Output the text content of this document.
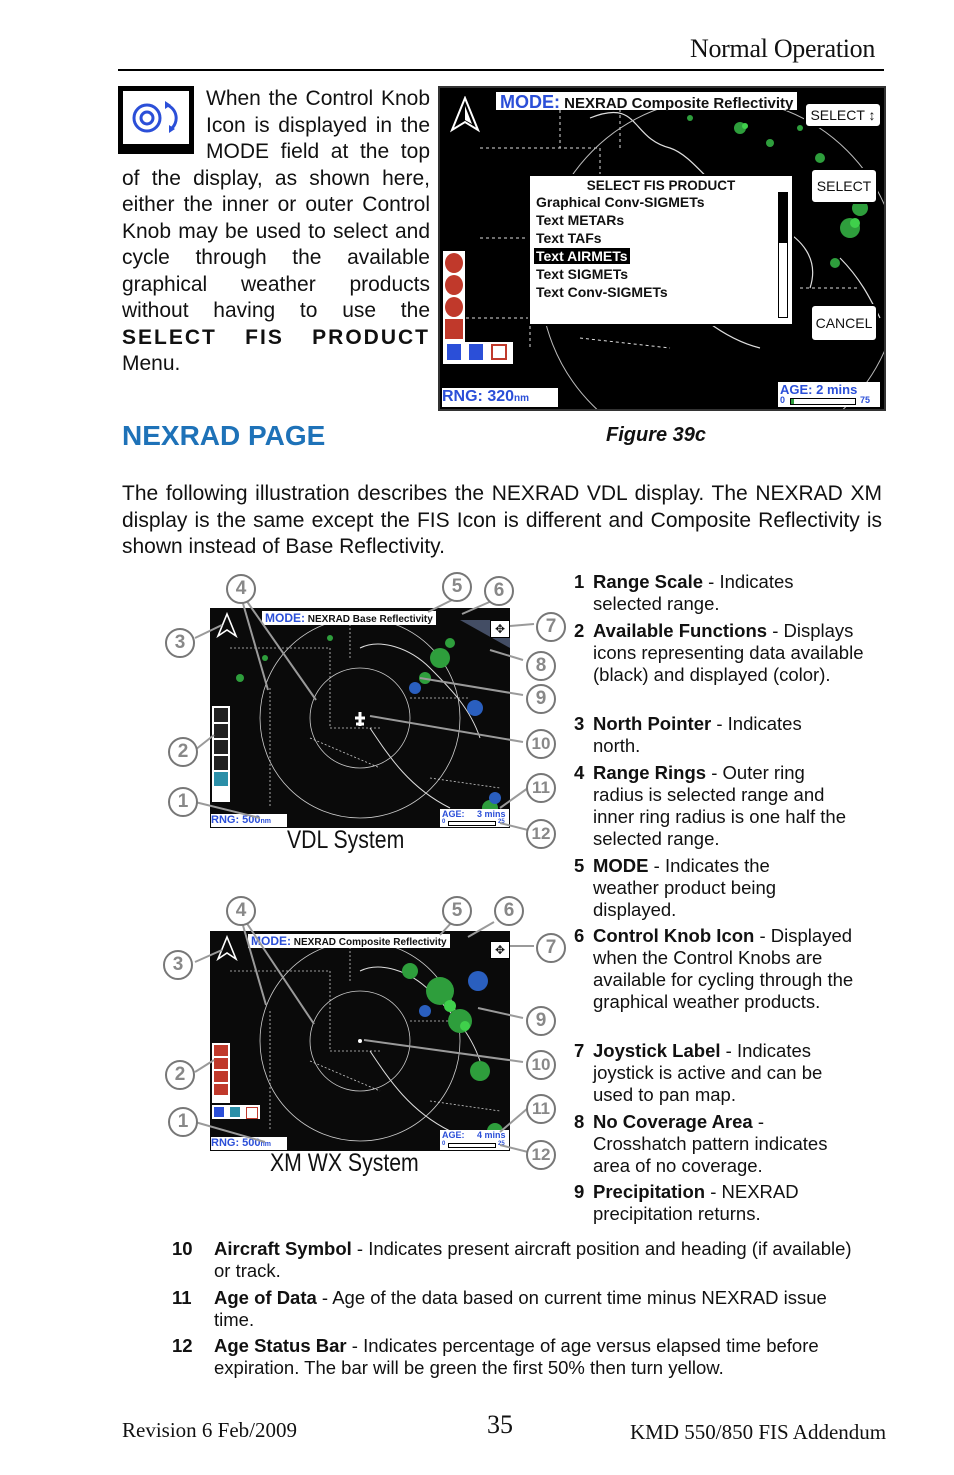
Normal Operation
When the Control Knob Icon is displayed in the MODE field at the top of the display, as shown here, either the inner or outer Control Knob may be used to select and cycle through the available graphical weather products without having to use the SELECT FIS PRODUCT Menu.
MODE: NEXRAD Composite Reflectivity
SELECT ↕
SELECT
CANCEL
RNG: 320nm
AGE: 2 mins
0	75
SELECT FIS PRODUCT
Graphical Conv-SIGMETs
Text METARs
Text TAFs
Text AIRMETs
Text SIGMETs
Text Conv-SIGMETs
NEXRAD PAGE	Figure 39c
The following illustration describes the NEXRAD VDL display. The NEXRAD XM display is the same except the FIS Icon is different and Composite Reflectivity is shown instead of Base Reflectivity.
MODE: NEXRAD Base Reflectivity
✥
RNG: 500nm
AGE: 3 mins
0	25
VDL System
MODE: NEXRAD Composite Reflectivity
✥
RNG: 500nm
AGE: 4 mins
0	25
XM WX System
1
2
3
4	5	6
7
8
9
10
11
12
1
2
3
4	5	6
7
9
10
11
12
1 Range Scale - Indicates selected range.
2 Available Functions - Displays icons representing data available (black) and displayed (color).
3 North Pointer - Indicates north.
4 Range Rings - Outer ring radius is selected range and inner ring radius is one half the selected range.
5 MODE - Indicates the weather product being displayed.
6 Control Knob Icon - Displayed when the Control Knobs are available for cycling through the graphical weather products.
7 Joystick Label - Indicates joystick is active and can be used to pan map.
8 No Coverage Area - Crosshatch pattern indicates area of no coverage.
9 Precipitation - NEXRAD precipitation returns.
10 Aircraft Symbol - Indicates present aircraft position and heading (if available) or track.
11 Age of Data - Age of the data based on current time minus NEXRAD issue time.
12 Age Status Bar - Indicates percentage of age versus elapsed time before expiration. The bar will be green the first 50% then turn yellow.
Revision 6 Feb/2009	35	KMD 550/850 FIS Addendum
